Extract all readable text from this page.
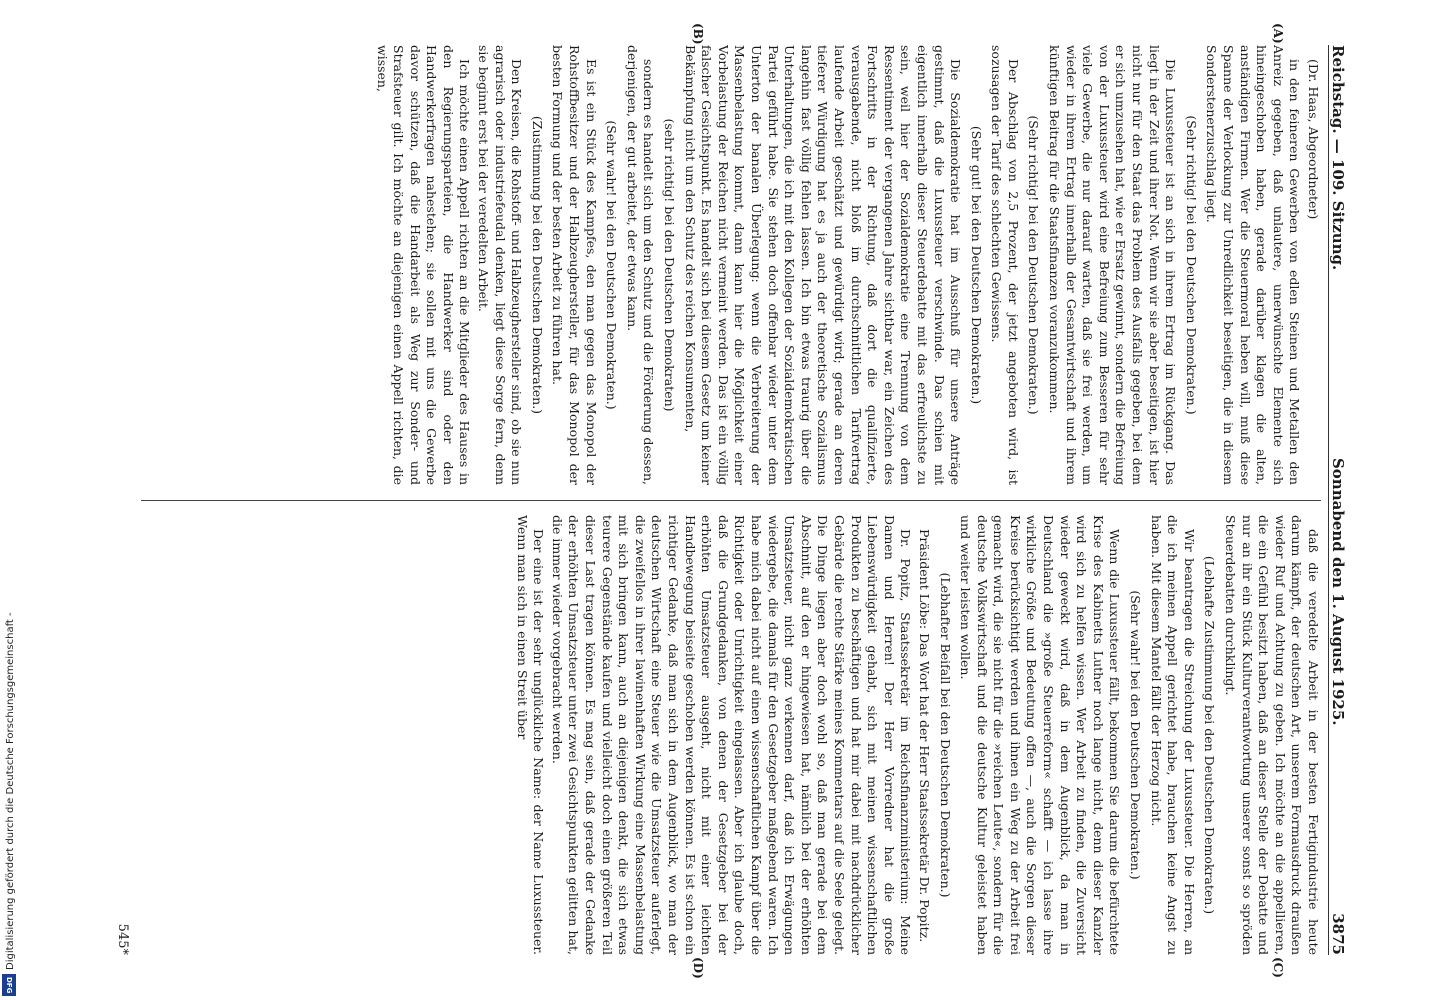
Digitalisierung gefördert durch die Deutsche Forschungsgemeinschaft -
DFG
Reichstag. — 109. Sitzung.
Sonnabend den 1. August 1925.
3875

(Dr. Haas, Abgeordneter)

in den feineren Gewerben von edlen Steinen und Metallen den Anreiz gegeben, daß unlautere, unerwünschte Elemente sich hineingeschoben haben, gerade darüber klagen die alten, anständigen Firmen. Wer die Steuermoral heben will, muß diese Spanne der Verlockung zur Unredlichkeit beseitigen, die in diesem Sonderstenerzuschlag liegt.

(Sehr richtig! bei den Deutschen Demokraten.)

Die Luxussteuer ist an sich in ihrem Ertrag im Rückgang. Das liegt in der Zeit und ihrer Not. Wenn wir sie aber beseitigen, ist hier nicht nur für den Staat das Problem des Ausfalls gegeben, bei dem er sich umzusehen hat, wie er Ersatz gewinnt, sondern die Befreiung von der Luxussteuer wird eine Befreiung zum Besseren für sehr viele Gewerbe, die nur darauf warten, daß sie frei werden, um wieder in ihrem Ertrag innerhalb der Gesamtwirtschaft und ihrem künftigen Beitrag für die Staatsfinanzen voranzukommen.

(Sehr richtig! bei den Deutschen Demokraten.)

Der Abschlag von 2,5 Prozent, der jetzt angeboten wird, ist sozusagen der Tarif des schlechten Gewissens.

(Sehr gut! bei den Deutschen Demokraten.)

Die Sozialdemokratie hat im Ausschuß für unsere Anträge gestimmt, daß die Luxussteuer verschwinde. Das schien mit eigentlich innerhalb dieser Steuerdebatte mit das erfreulichste zu sein, weil hier der Sozialdemokratie eine Trennung von dem Ressentiment der vergangenen Jahre sichtbar war, ein Zeichen des Fortschritts in der Richtung, daß dort die qualifizierte, verausgabende, nicht bloß im durchschnittlichen Tarifvertrag laufende Arbeit geschätzt und gewürdigt wird; gerade an deren tieferer Würdigung hat es ja auch der theoretische Sozialismus langehin fast völlig fehlen lassen. Ich bin etwas traurig über die Unterhaltungen, die ich mit den Kollegen der Sozialdemokratischen Partei geführt habe. Sie stehen doch offenbar wieder unter dem Unterton der banalen Überlegung: wenn die Verbreiterung der Massenbelastung kommt, dann kann hier die Möglichkeit einer Vorbelastung der Reichen nicht vermeint werden. Das ist ein völlig falscher Gesichtspunkt. Es handelt sich bei diesem Gesetz um keiner Bekämpfung nicht um den Schutz des reichen Konsumenten,

(sehr richtig! bei den Deutschen Demokraten)

sondern es handelt sich um den Schutz und die Förderung dessen, derjenigen, der gut arbeitet, der etwas kann.

(Sehr wahr! bei den Deutschen Demokraten.)

Es ist ein Stück des Kampfes, den man gegen das Monopol der Rohstoffbesitzer und der Halbzeughersteller, für das Monopol der besten Formung und der besten Arbeit zu führen hat.

(Zustimmung bei den Deutschen Demokraten.)

Den Kreisen, die Rohstoff- und Halbzeughersteller sind, ob sie nun agrarisch oder industriefeudal denken, liegt diese Sorge fern, denn sie beginnt erst bei der veredelten Arbeit.

Ich möchte einen Appell richten an die Mitglieder des Hauses in den Regierungsparteien, die Handwerker sind oder den Handwerkerfragen nahestehen; sie sollen mit uns die Gewerbe davor schützen, daß die Handarbeit als Weg zur Sonder- und Strafsteuer gilt. Ich möchte an diejenigen einen Appell richten, die wissen,

daß die veredelte Arbeit in der besten Fertigindustrie heute darum kämpft, der deutschen Art, unserem Formausdruck draußen wieder Ruf und Achtung zu geben. Ich möchte an die appellieren, die ein Gefühl besitzt haben, daß an dieser Stelle der Debatte und nur an ihr ein Stück Kulturverantwortung unserer sonst so spröden Steuerdebatten durchklingt.

(Lebhafte Zustimmung bei den Deutschen Demokraten.)

Wir beantragen die Streichung der Luxussteuer. Die Herren, an die ich meinen Appell gerichtet habe, brauchen keine Angst zu haben. Mit diesem Mantel fällt der Herzog nicht.

(Sehr wahr! bei den Deutschen Demokraten.)

Wenn die Luxussteuer fällt, bekommen Sie darum die befürchtete Krise des Kabinetts Luther noch lange nicht, denn dieser Kanzler wird sich zu helfen wissen. Wer Arbeit zu finden, die Zuversicht wieder geweckt wird, daß in dem Augenblick, da man in Deutschland die »große Steuerreform« schafft — ich lasse ihre wirkliche Größe und Bedeutung offen —, auch die Sorgen dieser Kreise berücksichtigt werden und ihnen ein Weg zu der Arbeit frei gemacht wird, die sie nicht für die »reichen Leute«, sondern für die deutsche Volkswirtschaft und die deutsche Kultur geleistet haben und weiter leisten wollen.

(Lebhafter Beifall bei den Deutschen Demokraten.)

Präsident Löbe: Das Wort hat der Herr Staatssekretär Dr. Popitz.

Dr. Popitz, Staatssekretär im Reichsfinanzministerium: Meine Damen und Herren! Der Herr Vorredner hat die große Liebenswürdigkeit gehabt, sich mit meinen wissenschaftlichen Produkten zu beschäftigen und hat mir dabei mit nachdrücklicher Gebärde die rechte Stärke meines Kommentars auf die Seele gelegt. Die Dinge liegen aber doch wohl so, daß man gerade bei dem Abschnitt, auf den er hingewiesen hat, nämlich bei der erhöhten Umsatzsteuer, nicht ganz verkennen darf, daß ich Erwägungen wiedergebe, die damals für den Gesetzgeber maßgebend waren. Ich habe mich dabei nicht auf einen wissenschaftlichen Kampf über die Richtigkeit oder Unrichtigkeit eingelassen. Aber ich glaube doch, daß die Grundgedanken, von denen der Gesetzgeber bei der erhöhten Umsatzsteuer ausgeht, nicht mit einer leichten Handbewegung beiseite geschoben werden können. Es ist schon ein richtiger Gedanke, daß man sich in dem Augenblick, wo man der deutschen Wirtschaft eine Steuer wie die Umsatzsteuer auferlegt, die zweifellos in ihrer lawinenhaften Wirkung eine Massenbelastung mit sich bringen kann, auch an diejenigen denkt, die sich etwas teurere Gegenstände kaufen und vielleicht doch einen größeren Teil dieser Last tragen können. Es mag sein, daß gerade der Gedanke der erhöhten Umsatzsteuer unter zwei Gesichtspunkten gelitten hat, die immer wieder vorgebracht werden.

Der eine ist der sehr unglückliche Name: der Name Luxussteuer. Wenn man sich in einen Streit über

(A)
(B)
(C)
(D)
545*
